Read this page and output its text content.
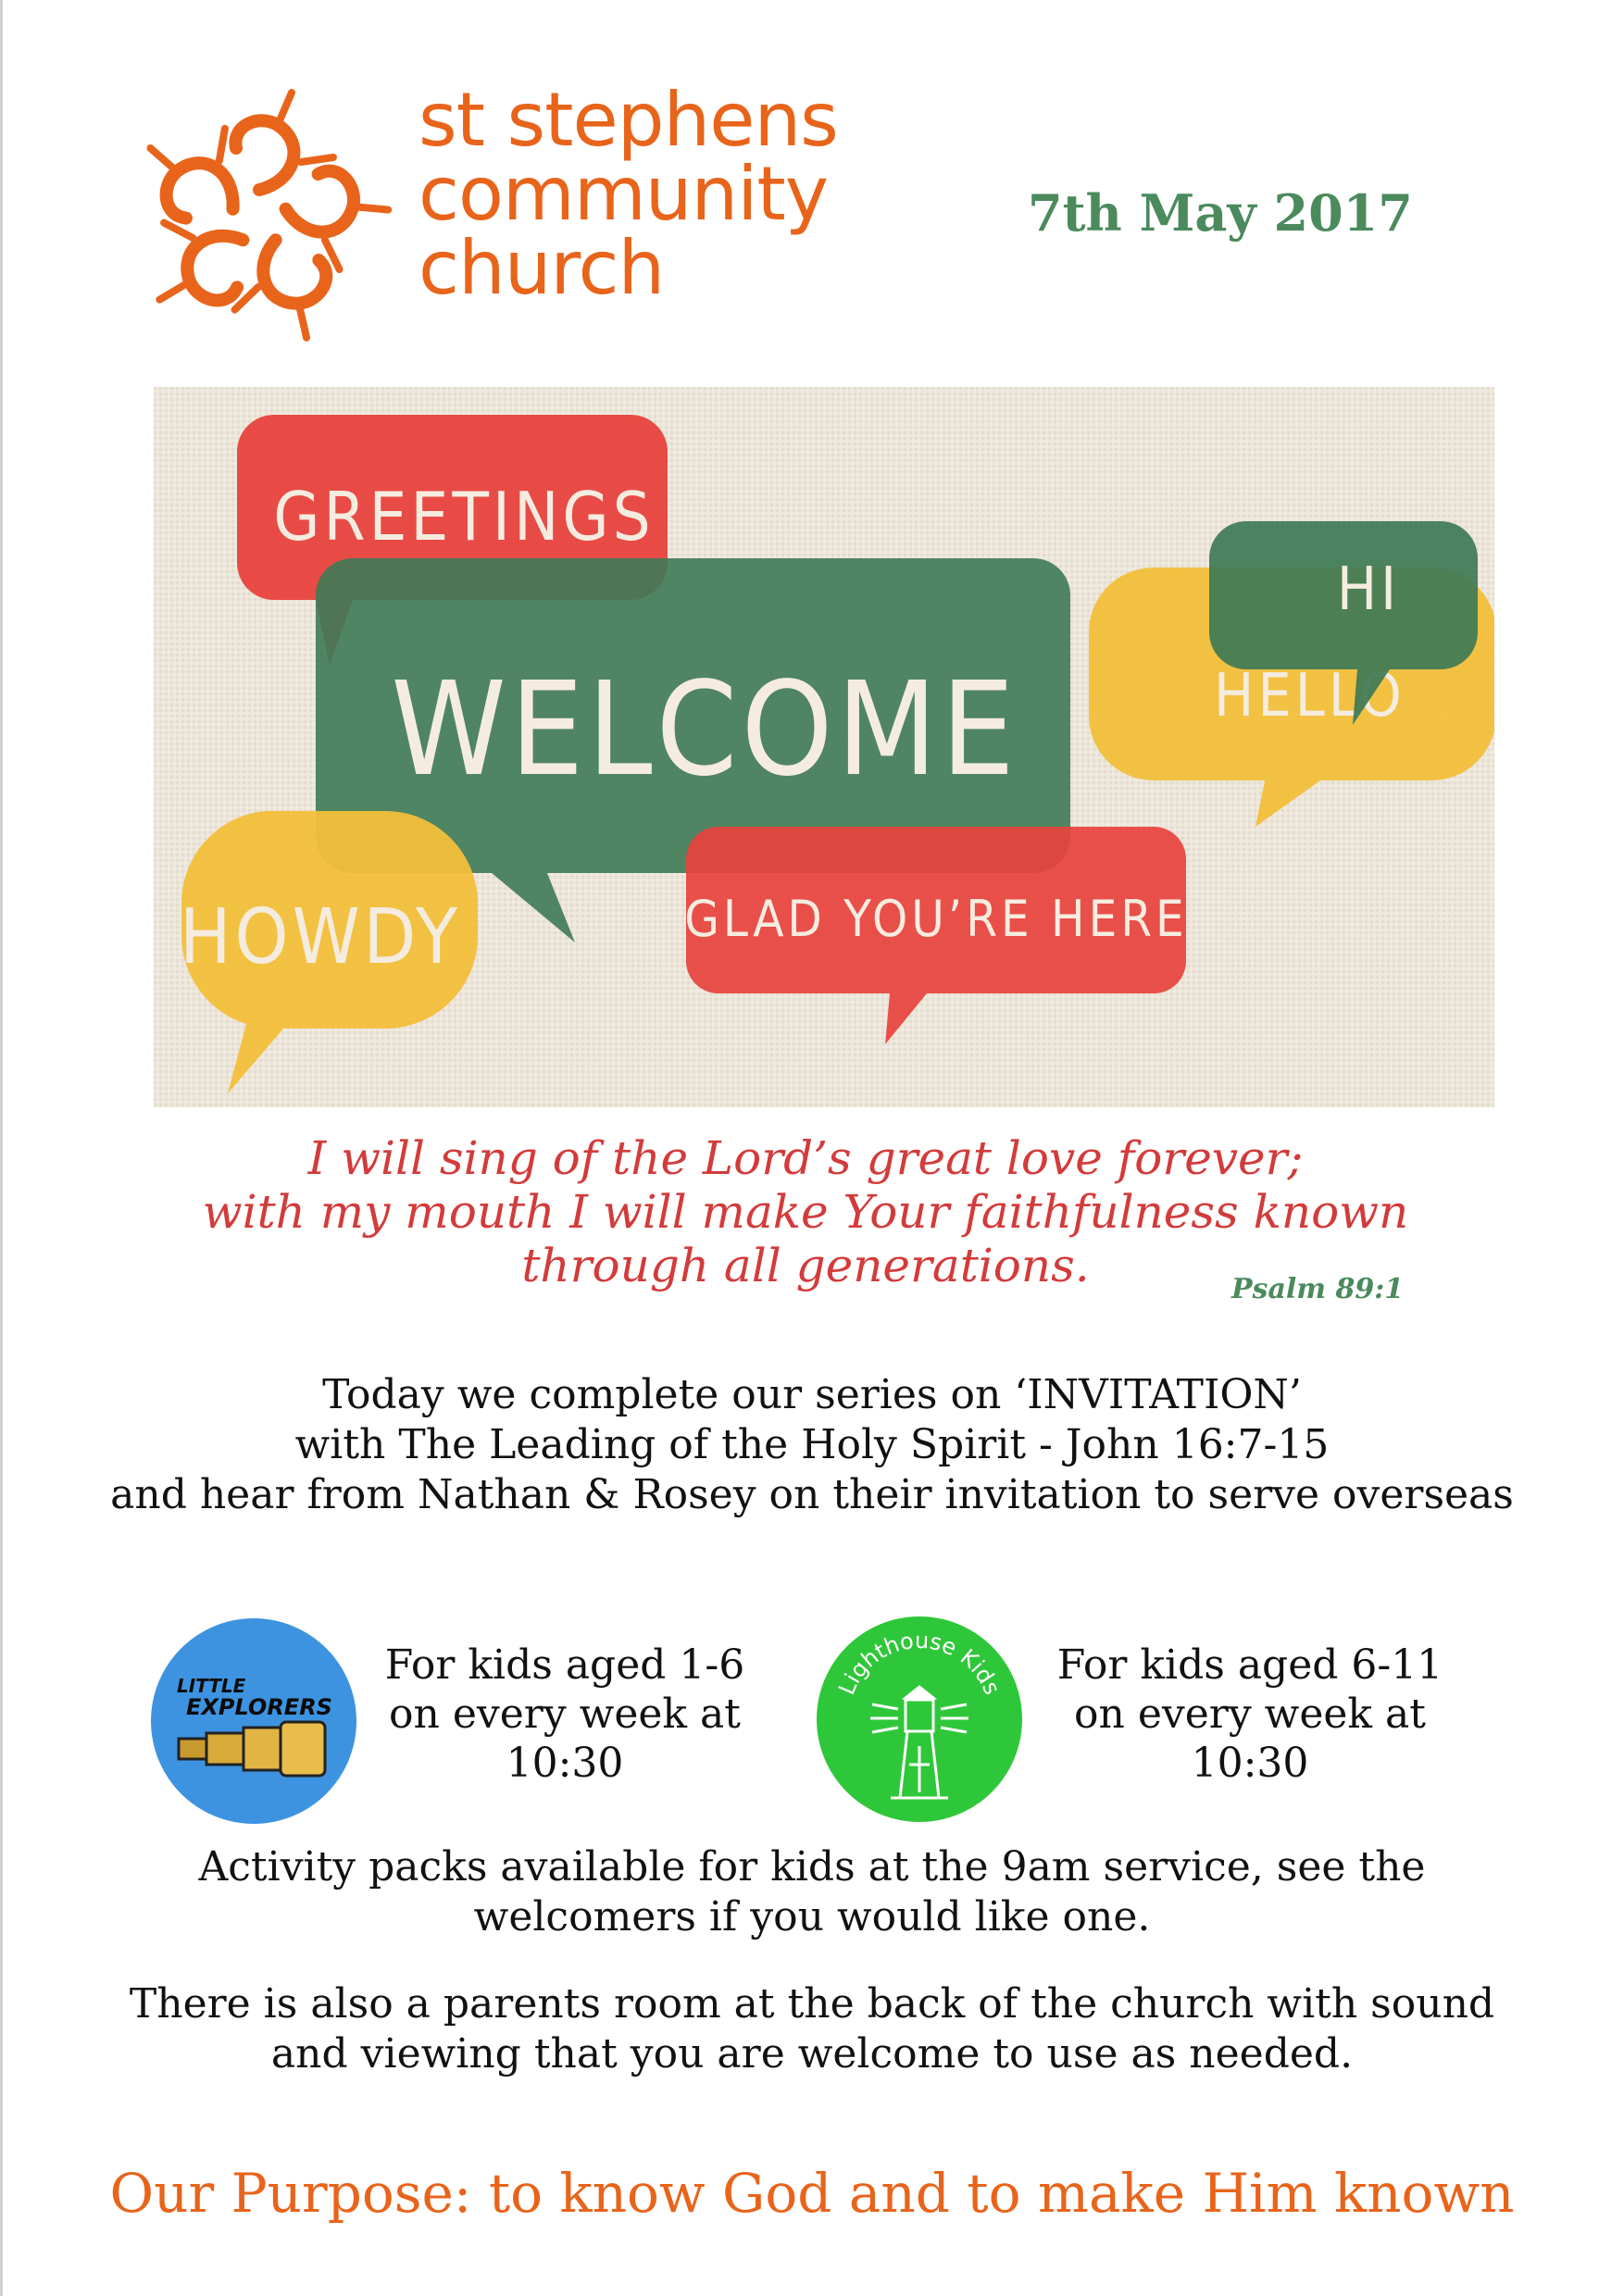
st stephens
community
church
7th May 2017
GREETINGS
HELLO
HI
WELCOME
HOWDY	GLAD YOU’RE HERE
I will sing of the Lord’s great love forever;
with my mouth I will make Your faithfulness known
through all generations.	Psalm 89:1
Today we complete our series on ‘INVITATION’
with The Leading of the Holy Spirit - John 16:7-15
and hear from Nathan & Rosey on their invitation to serve overseas
LITTLE
EXPLORERS
For kids aged 1-6
on every week at
10:30
Lighthouse Kids	For kids aged 6-11
on every week at
10:30
Activity packs available for kids at the 9am service, see the
welcomers if you would like one.
There is also a parents room at the back of the church with sound
and viewing that you are welcome to use as needed.
Our Purpose: to know God and to make Him known
